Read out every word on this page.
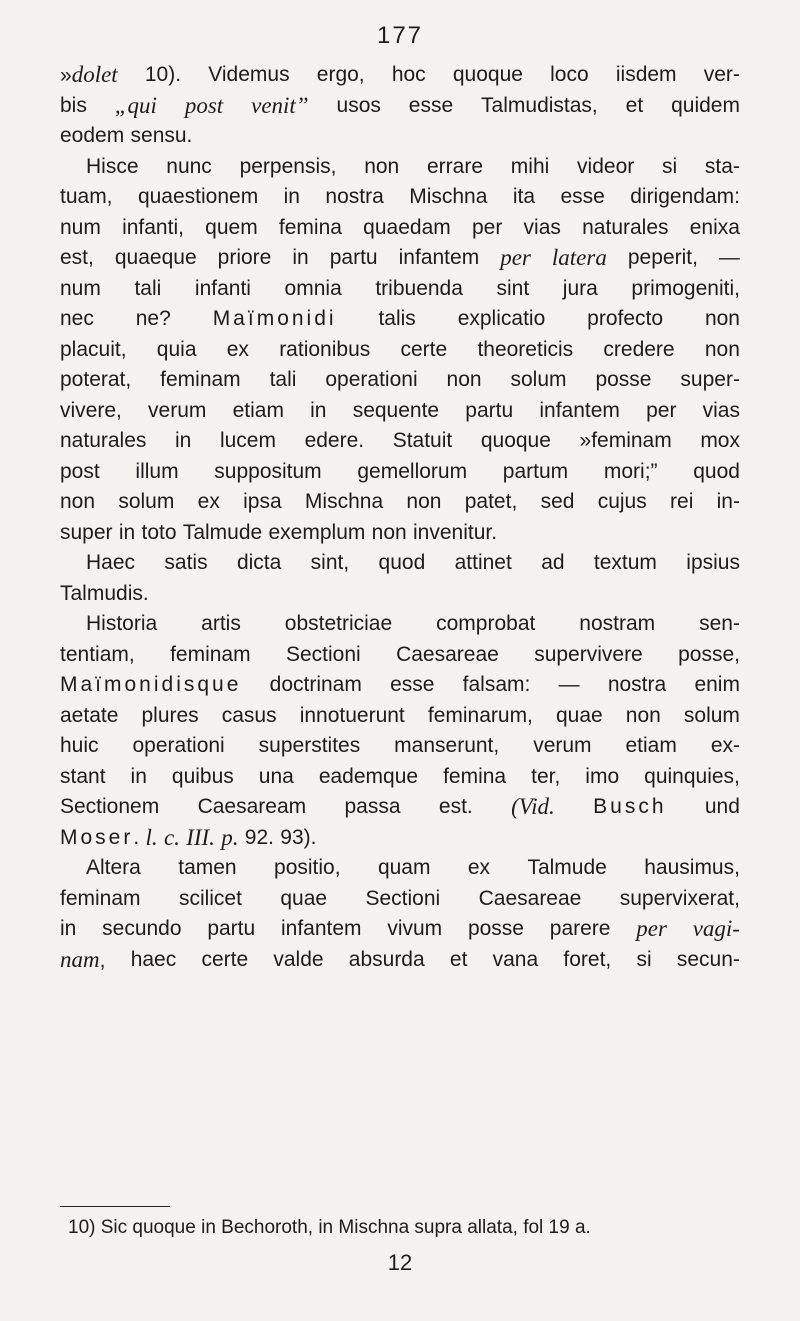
177
»dolet 10). Videmus ergo, hoc quoque loco iisdem ver-
bis „qui post venit” usos esse Talmudistas, et quidem
eodem sensu.
Hisce nunc perpensis, non errare mihi videor si sta-
tuam, quaestionem in nostra Mischna ita esse dirigendam:
num infanti, quem femina quaedam per vias naturales enixa
est, quaeque priore in partu infantem per latera peperit, —
num tali infanti omnia tribuenda sint jura primogeniti,
nec ne? Maïmonidi talis explicatio profecto non
placuit, quia ex rationibus certe theoreticis credere non
poterat, feminam tali operationi non solum posse super-
vivere, verum etiam in sequente partu infantem per vias
naturales in lucem edere. Statuit quoque »feminam mox
post illum suppositum gemellorum partum mori;” quod
non solum ex ipsa Mischna non patet, sed cujus rei in-
super in toto Talmude exemplum non invenitur.
Haec satis dicta sint, quod attinet ad textum ipsius
Talmudis.
Historia artis obstetriciae comprobat nostram sen-
tentiam, feminam Sectioni Caesareae supervivere posse,
Maïmonidisque doctrinam esse falsam: — nostra enim
aetate plures casus innotuerunt feminarum, quae non solum
huic operationi superstites manserunt, verum etiam ex-
stant in quibus una eademque femina ter, imo quinquies,
Sectionem Caesaream passa est. (Vid. Busch und
Moser. l. c. III. p. 92. 93).
Altera tamen positio, quam ex Talmude hausimus,
feminam scilicet quae Sectioni Caesareae supervixerat,
in secundo partu infantem vivum posse parere per vagi-
nam, haec certe valde absurda et vana foret, si secun-
10) Sic quoque in Bechoroth, in Mischna supra allata, fol 19 a.
12
